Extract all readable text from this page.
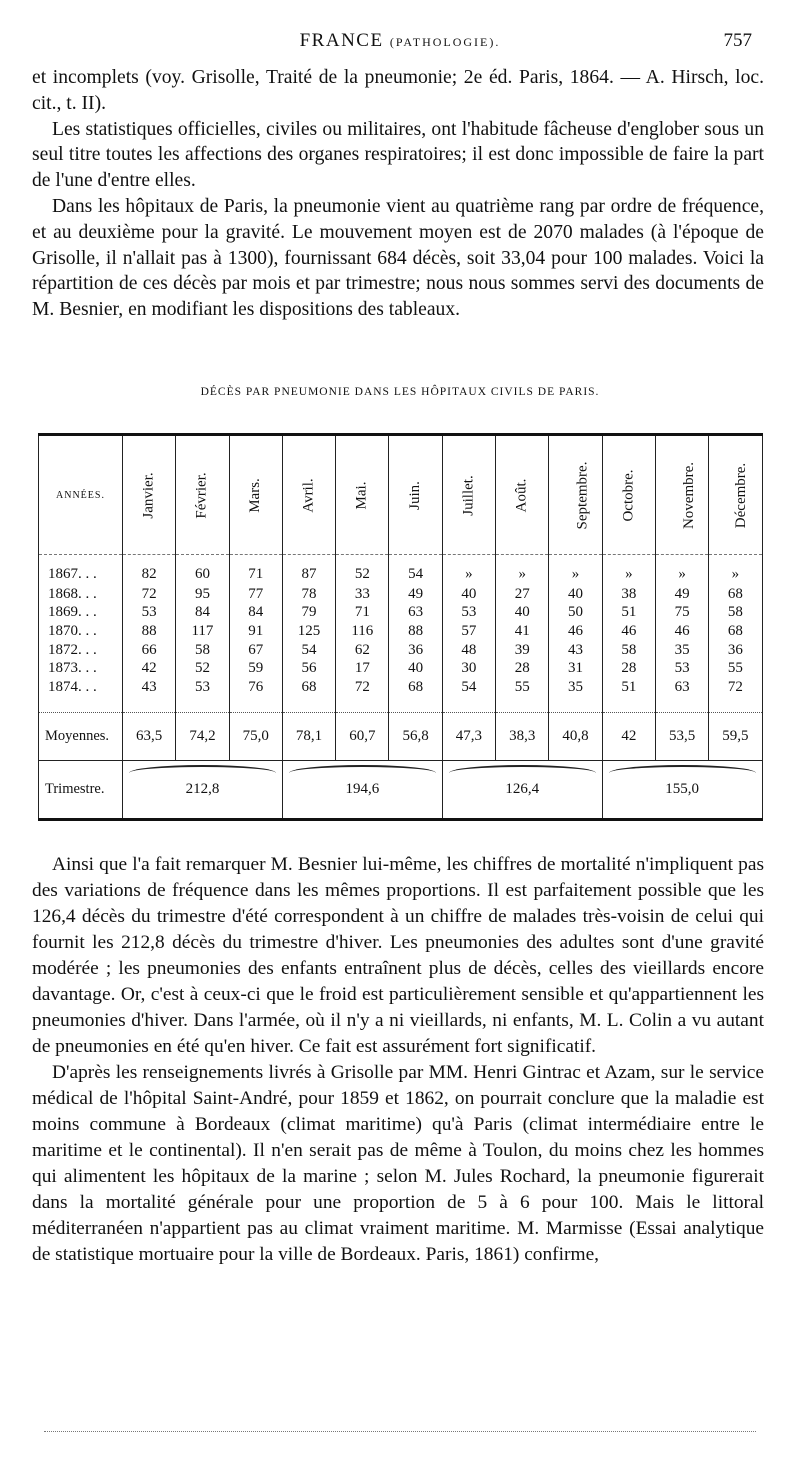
FRANCE (PATHOLOGIE).	757

et incomplets (voy. Grisolle, Traité de la pneumonie; 2e éd. Paris, 1864. — A. Hirsch, loc. cit., t. II).

Les statistiques officielles, civiles ou militaires, ont l'habitude fâcheuse d'englober sous un seul titre toutes les affections des organes respiratoires; il est donc impossible de faire la part de l'une d'entre elles.

Dans les hôpitaux de Paris, la pneumonie vient au quatrième rang par ordre de fréquence, et au deuxième pour la gravité. Le mouvement moyen est de 2070 malades (à l'époque de Grisolle, il n'allait pas à 1300), fournissant 684 décès, soit 33,04 pour 100 malades. Voici la répartition de ces décès par mois et par trimestre; nous nous sommes servi des documents de M. Besnier, en modifiant les dispositions des tableaux.

DÉCÈS PAR PNEUMONIE DANS LES HÔPITAUX CIVILS DE PARIS.
ANNÉES.	Janvier.	Février.	Mars.	Avril.	Mai.	Juin.	Juillet.	Août.	Septembre.	Octobre.	Novembre.	Décembre.
1867. . .	82	60	71	87	52	54	»	»	»	»	»	»
1868. . .	72	95	77	78	33	49	40	27	40	38	49	68
1869. . .	53	84	84	79	71	63	53	40	50	51	75	58
1870. . .	88	117	91	125	116	88	57	41	46	46	46	68
1872. . .	66	58	67	54	62	36	48	39	43	58	35	36
1873. . .	42	52	59	56	17	40	30	28	31	28	53	55
1874. . .	43	53	76	68	72	68	54	55	35	51	63	72

Moyennes.	63,5	74,2	75,0	78,1	60,7	56,8	47,3	38,3	40,8	42	53,5	59,5
Trimestre.	212,8			194,6			126,4			155,0		

Ainsi que l'a fait remarquer M. Besnier lui-même, les chiffres de mortalité n'impliquent pas des variations de fréquence dans les mêmes proportions. Il est parfaitement possible que les 126,4 décès du trimestre d'été correspondent à un chiffre de malades très-voisin de celui qui fournit les 212,8 décès du trimestre d'hiver. Les pneumonies des adultes sont d'une gravité modérée ; les pneumonies des enfants entraînent plus de décès, celles des vieillards encore davantage. Or, c'est à ceux-ci que le froid est particulièrement sensible et qu'appartiennent les pneumonies d'hiver. Dans l'armée, où il n'y a ni vieillards, ni enfants, M. L. Colin a vu autant de pneumonies en été qu'en hiver. Ce fait est assurément fort significatif.

D'après les renseignements livrés à Grisolle par MM. Henri Gintrac et Azam, sur le service médical de l'hôpital Saint-André, pour 1859 et 1862, on pourrait conclure que la maladie est moins commune à Bordeaux (climat maritime) qu'à Paris (climat intermédiaire entre le maritime et le continental). Il n'en serait pas de même à Toulon, du moins chez les hommes qui alimentent les hôpitaux de la marine ; selon M. Jules Rochard, la pneumonie figurerait dans la mortalité générale pour une proportion de 5 à 6 pour 100. Mais le littoral méditerranéen n'appartient pas au climat vraiment maritime. M. Marmisse (Essai analytique de statistique mortuaire pour la ville de Bordeaux. Paris, 1861) confirme,
